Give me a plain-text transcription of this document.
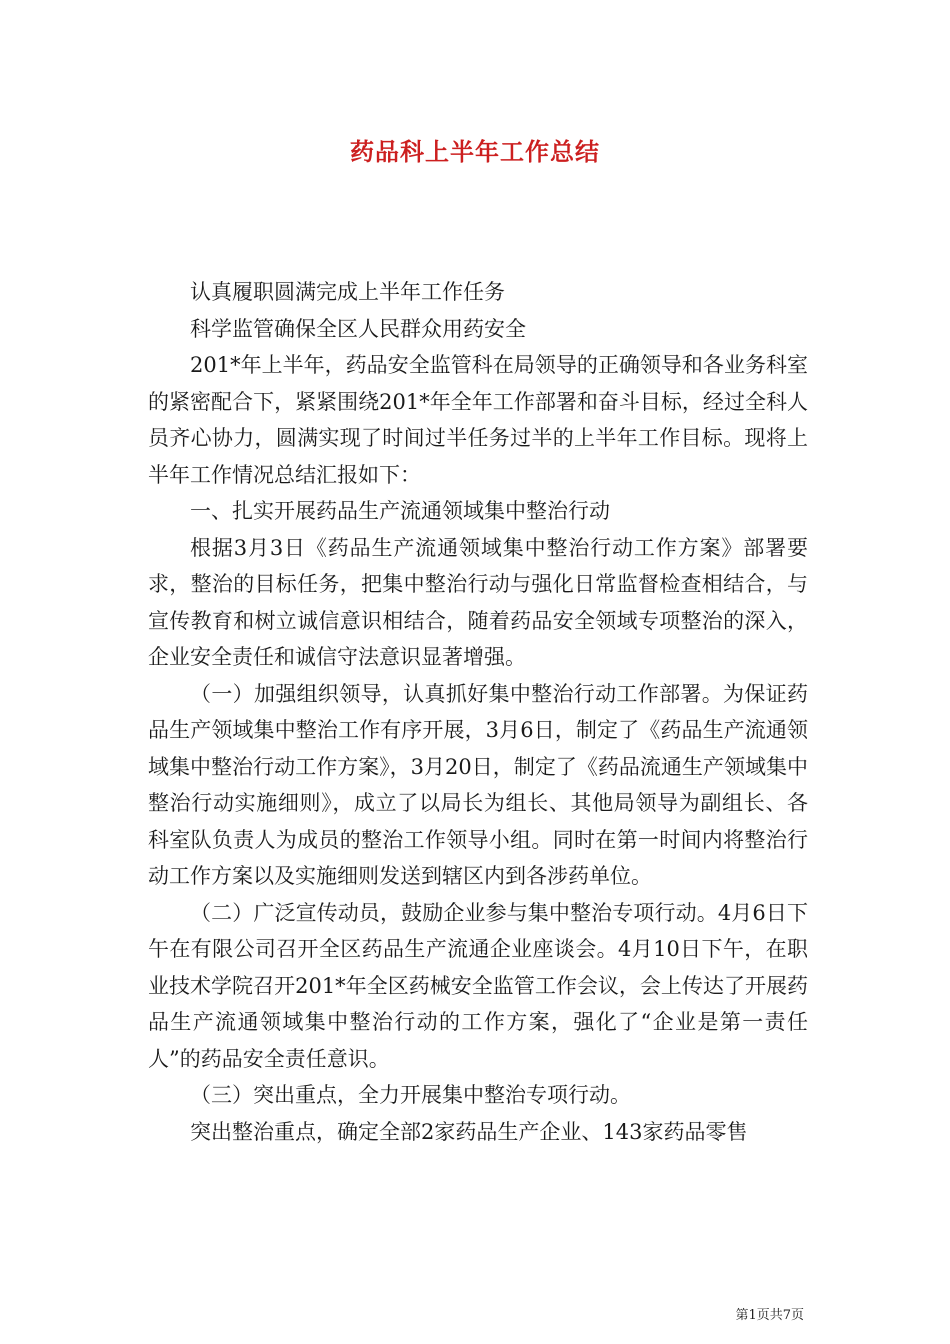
药品科上半年工作总结

认真履职圆满完成上半年工作任务

科学监管确保全区人民群众用药安全

201*年上半年，药品安全监管科在局领导的正确领导和各业务科室的紧密配合下，紧紧围绕201*年全年工作部署和奋斗目标，经过全科人员齐心协力，圆满实现了时间过半任务过半的上半年工作目标。现将上半年工作情况总结汇报如下：

一、扎实开展药品生产流通领域集中整治行动

根据3月3日《药品生产流通领域集中整治行动工作方案》部署要求，整治的目标任务，把集中整治行动与强化日常监督检查相结合，与宣传教育和树立诚信意识相结合，随着药品安全领域专项整治的深入，企业安全责任和诚信守法意识显著增强。

（一）加强组织领导，认真抓好集中整治行动工作部署。为保证药品生产领域集中整治工作有序开展，3月6日，制定了《药品生产流通领域集中整治行动工作方案》，3月20日，制定了《药品流通生产领域集中整治行动实施细则》，成立了以局长为组长、其他局领导为副组长、各科室队负责人为成员的整治工作领导小组。同时在第一时间内将整治行动工作方案以及实施细则发送到辖区内到各涉药单位。

（二）广泛宣传动员，鼓励企业参与集中整治专项行动。4月6日下午在有限公司召开全区药品生产流通企业座谈会。4月10日下午，在职业技术学院召开201*年全区药械安全监管工作会议，会上传达了开展药品生产流通领域集中整治行动的工作方案，强化了“企业是第一责任人”的药品安全责任意识。

（三）突出重点，全力开展集中整治专项行动。

突出整治重点，确定全部2家药品生产企业、143家药品零售

第1页共7页
